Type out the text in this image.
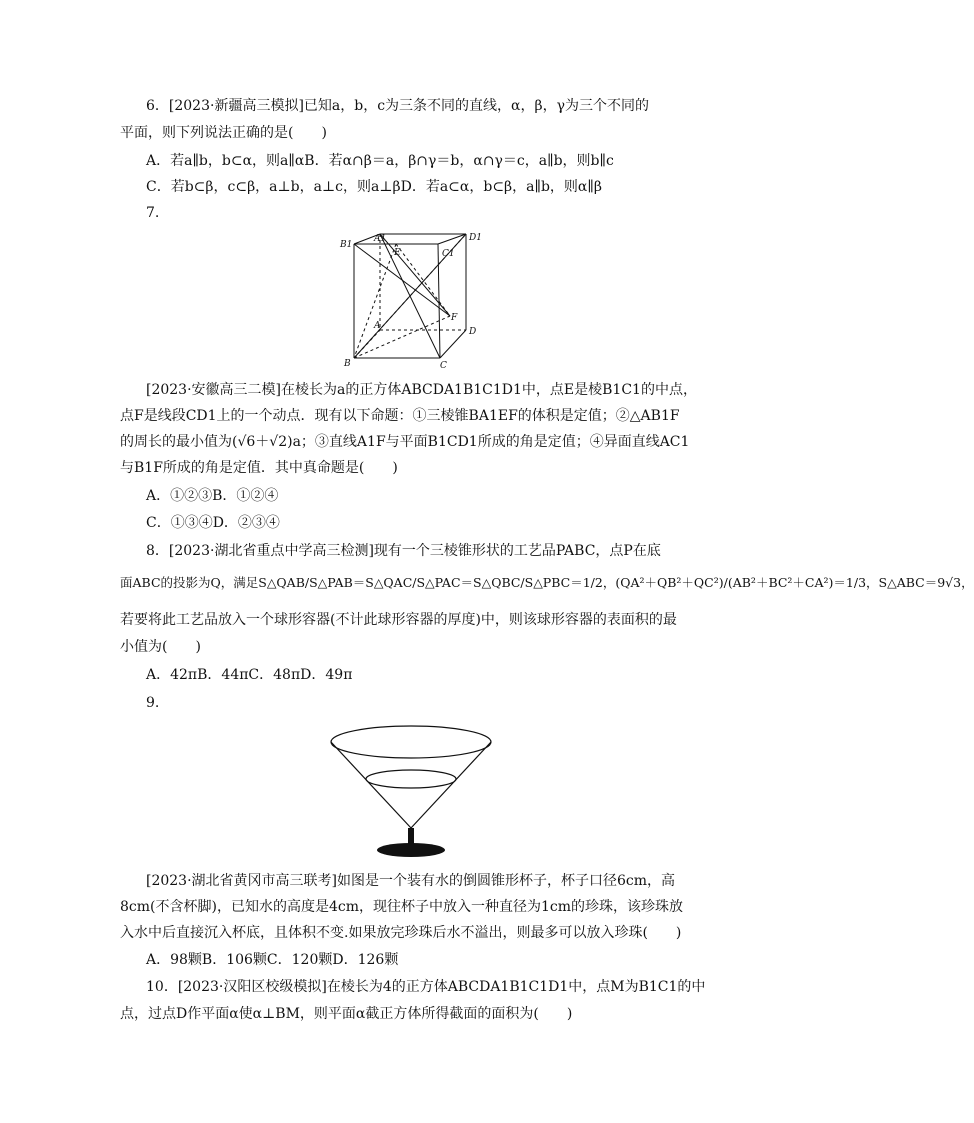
6．[2023·新疆高三模拟]已知a，b，c为三条不同的直线，α，β，γ为三个不同的
平面，则下列说法正确的是(　　)
A．若a∥b，b⊂α，则a∥αB．若α∩β＝a，β∩γ＝b，α∩γ＝c，a∥b，则b∥c
C．若b⊂β，c⊂β，a⊥b，a⊥c，则a⊥βD．若a⊂α，b⊂β，a∥b，则α∥β
7.
A1	D1
B1
E	C1
A
F
D
B	C
[2023·安徽高三二模]在棱长为a的正方体ABCDA1B1C1D1中，点E是棱B1C1的中点，
点F是线段CD1上的一个动点．现有以下命题：①三棱锥BA1EF的体积是定值；②△AB1F
的周长的最小值为(√6＋√2)a；③直线A1F与平面B1CD1所成的角是定值；④异面直线AC1
与B1F所成的角是定值．其中真命题是(　　)
A．①②③B．①②④
C．①③④D．②③④
8．[2023·湖北省重点中学高三检测]现有一个三棱锥形状的工艺品PABC，点P在底
面ABC的投影为Q，满足S△QAB/S△PAB＝S△QAC/S△PAC＝S△QBC/S△PBC＝1/2，(QA²＋QB²＋QC²)/(AB²＋BC²＋CA²)＝1/3，S△ABC＝9√3，
若要将此工艺品放入一个球形容器(不计此球形容器的厚度)中，则该球形容器的表面积的最
小值为(　　)
A．42πB．44πC．48πD．49π
9.
[2023·湖北省黄冈市高三联考]如图是一个装有水的倒圆锥形杯子，杯子口径6cm，高
8cm(不含杯脚)，已知水的高度是4cm，现往杯子中放入一种直径为1cm的珍珠，该珍珠放
入水中后直接沉入杯底，且体积不变.如果放完珍珠后水不溢出，则最多可以放入珍珠(　　)
A．98颗B．106颗C．120颗D．126颗
10．[2023·汉阳区校级模拟]在棱长为4的正方体ABCDA1B1C1D1中，点M为B1C1的中
点，过点D作平面α使α⊥BM，则平面α截正方体所得截面的面积为(　　)
